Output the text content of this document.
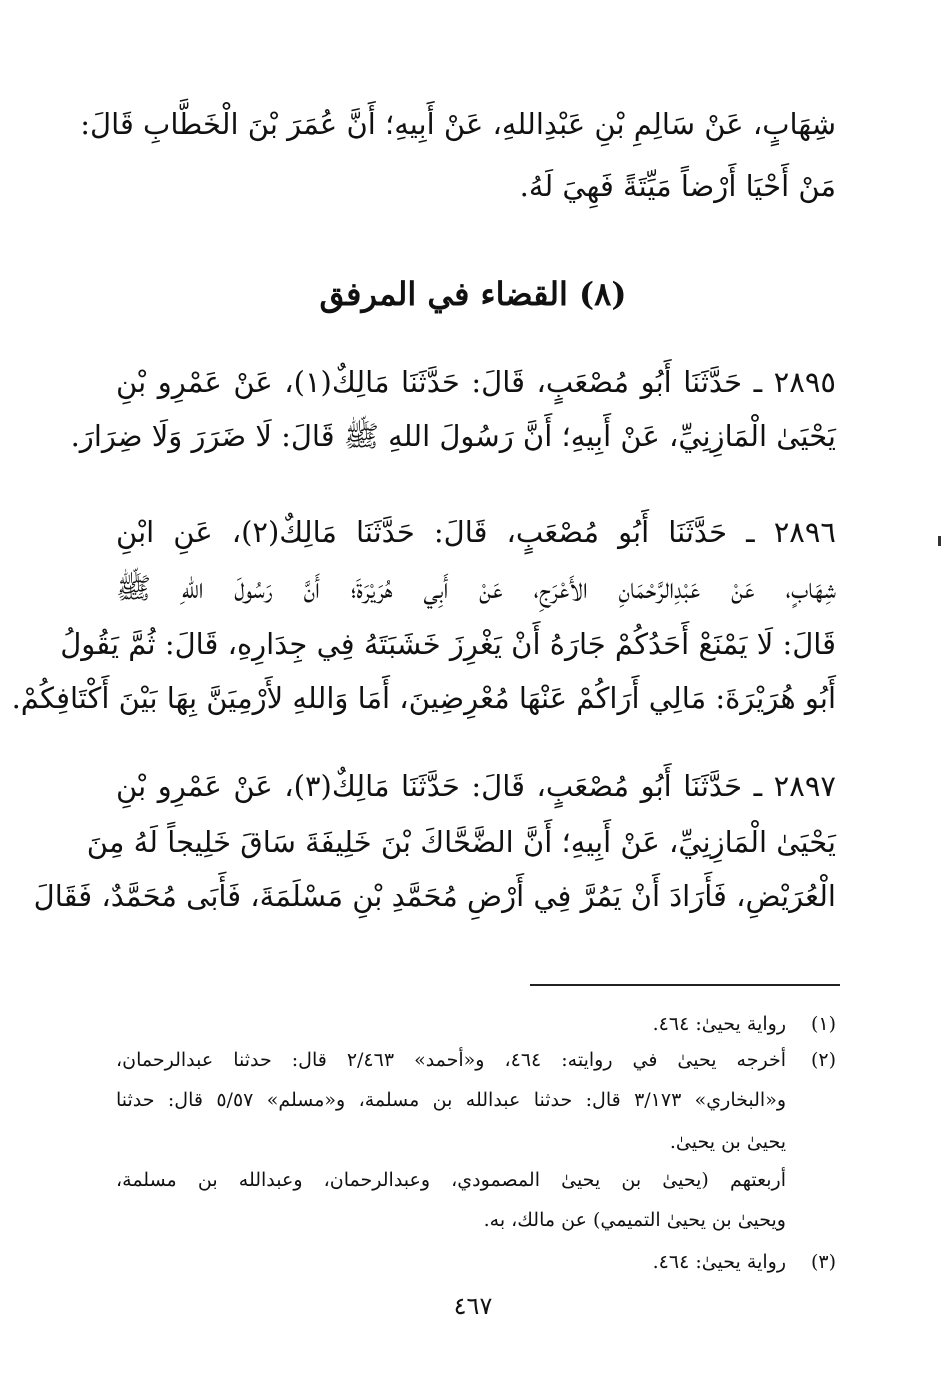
شِهَابٍ، عَنْ سَالِمِ بْنِ عَبْدِاللهِ، عَنْ أَبِيهِ؛ أَنَّ عُمَرَ بْنَ الْخَطَّابِ قَالَ:
مَنْ أَحْيَا أَرْضاً مَيِّتَةً فَهِيَ لَهُ.
(٨) القضاء في المرفق
٢٨٩٥ ـ حَدَّثَنَا أَبُو مُصْعَبٍ، قَالَ: حَدَّثَنَا مَالِكٌ(١)، عَنْ عَمْرِو بْنِ
يَحْيَىٰ الْمَازِنِيِّ، عَنْ أَبِيهِ؛ أَنَّ رَسُولَ اللهِ ﷺ قَالَ: لَا ضَرَرَ وَلَا ضِرَارَ.
٢٨٩٦ ـ حَدَّثَنَا أَبُو مُصْعَبٍ، قَالَ: حَدَّثَنَا مَالِكٌ(٢)، عَنِ ابْنِ
شِهَابٍ، عَنْ عَبْدِالرَّحْمَانِ الأَعْرَجِ، عَنْ أَبِي هُرَيْرَةَ؛ أَنَّ رَسُولَ اللهِ ﷺ
قَالَ: لَا يَمْنَعْ أَحَدُكُمْ جَارَهُ أَنْ يَغْرِزَ خَشَبَتَهُ فِي جِدَارِهِ، قَالَ: ثُمَّ يَقُولُ
أَبُو هُرَيْرَةَ: مَالِي أَرَاكُمْ عَنْهَا مُعْرِضِينَ، أَمَا وَاللهِ لأَرْمِيَنَّ بِهَا بَيْنَ أَكْتَافِكُمْ.
٢٨٩٧ ـ حَدَّثَنَا أَبُو مُصْعَبٍ، قَالَ: حَدَّثَنَا مَالِكٌ(٣)، عَنْ عَمْرِو بْنِ
يَحْيَىٰ الْمَازِنِيِّ، عَنْ أَبِيهِ؛ أَنَّ الضَّحَّاكَ بْنَ خَلِيفَةَ سَاقَ خَلِيجاً لَهُ مِنَ
الْعُرَيْضِ، فَأَرَادَ أَنْ يَمُرَّ فِي أَرْضِ مُحَمَّدِ بْنِ مَسْلَمَةَ، فَأَبَى مُحَمَّدٌ، فَقَالَ
(١)
رواية يحيىٰ: ٤٦٤.
(٢)
أخرجه يحيىٰ في روايته: ٤٦٤، و«أحمد» ٢/٤٦٣ قال: حدثنا عبدالرحمان،
و«البخاري» ٣/١٧٣ قال: حدثنا عبدالله بن مسلمة، و«مسلم» ٥/٥٧ قال: حدثنا
يحيىٰ بن يحيىٰ.
أربعتهم (يحيىٰ بن يحيىٰ المصمودي، وعبدالرحمان، وعبدالله بن مسلمة،
ويحيىٰ بن يحيىٰ التميمي) عن مالك، به.
(٣)
رواية يحيىٰ: ٤٦٤.
٤٦٧
